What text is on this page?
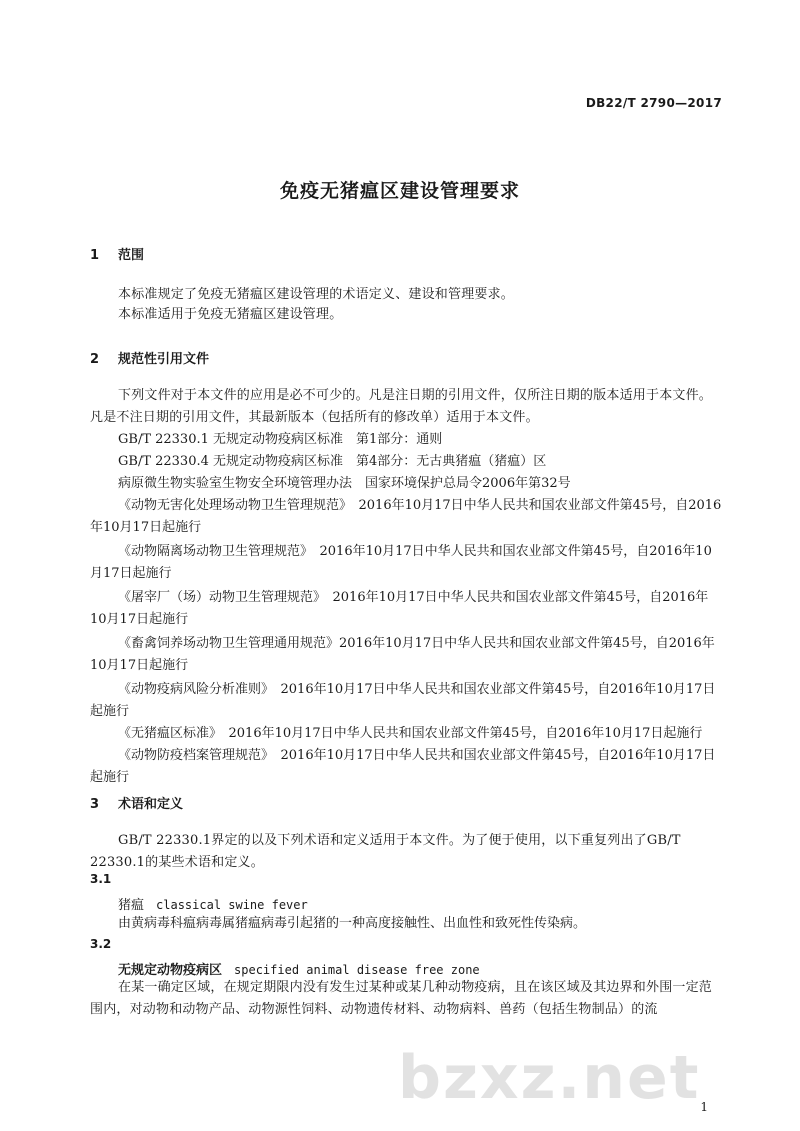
DB22/T 2790—2017
免疫无猪瘟区建设管理要求
1 范围

本标准规定了免疫无猪瘟区建设管理的术语定义、建设和管理要求。

本标准适用于免疫无猪瘟区建设管理。

2 规范性引用文件

下列文件对于本文件的应用是必不可少的。凡是注日期的引用文件，仅所注日期的版本适用于本文件。凡是不注日期的引用文件，其最新版本（包括所有的修改单）适用于本文件。

GB/T 22330.1 无规定动物疫病区标准　第1部分：通则
GB/T 22330.4 无规定动物疫病区标准　第4部分：无古典猪瘟（猪瘟）区
病原微生物实验室生物安全环境管理办法　国家环境保护总局令2006年第32号

《动物无害化处理场动物卫生管理规范》　2016年10月17日中华人民共和国农业部文件第45号，自2016年10月17日起施行

《动物隔离场动物卫生管理规范》　2016年10月17日中华人民共和国农业部文件第45号，自2016年10月17日起施行

《屠宰厂（场）动物卫生管理规范》　2016年10月17日中华人民共和国农业部文件第45号，自2016年10月17日起施行

《畜禽饲养场动物卫生管理通用规范》2016年10月17日中华人民共和国农业部文件第45号，自2016年10月17日起施行

《动物疫病风险分析准则》　2016年10月17日中华人民共和国农业部文件第45号，自2016年10月17日起施行

《无猪瘟区标准》　2016年10月17日中华人民共和国农业部文件第45号，自2016年10月17日起施行

《动物防疫档案管理规范》　2016年10月17日中华人民共和国农业部文件第45号，自2016年10月17日起施行

3 术语和定义

GB/T 22330.1界定的以及下列术语和定义适用于本文件。为了便于使用，以下重复列出了GB/T 22330.1的某些术语和定义。

3.1
猪瘟 classical swine fever
由黄病毒科瘟病毒属猪瘟病毒引起猪的一种高度接触性、出血性和致死性传染病。
3.2
无规定动物疫病区 specified animal disease free zone

在某一确定区域，在规定期限内没有发生过某种或某几种动物疫病，且在该区域及其边界和外围一定范围内，对动物和动物产品、动物源性饲料、动物遗传材料、动物病料、兽药（包括生物制品）的流

bzxz.net 1
